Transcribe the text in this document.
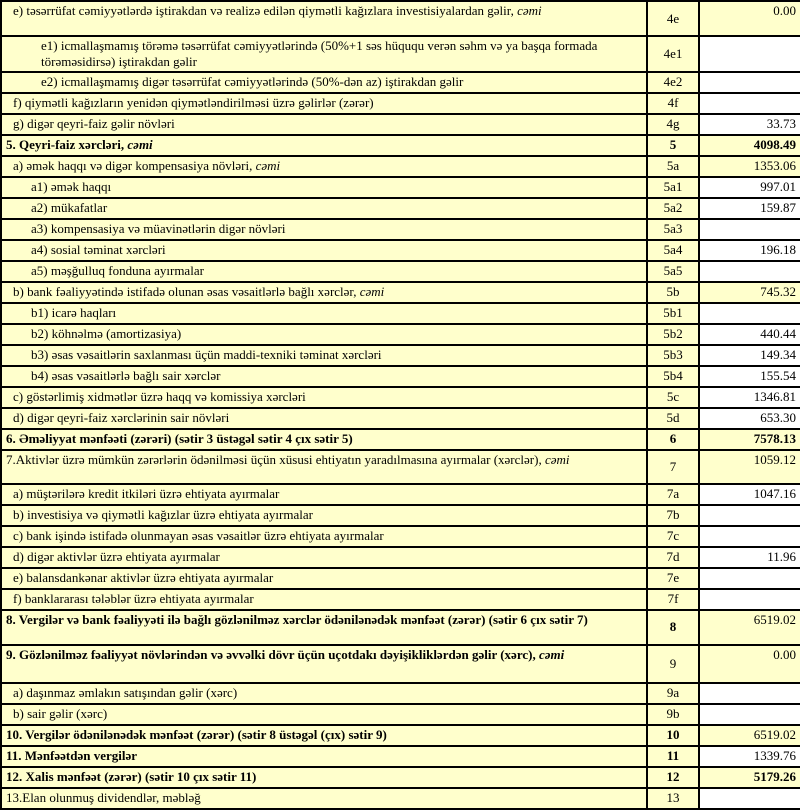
e) təsərrüfat cəmiyyətlərdə iştirakdan və realizə edilən qiymətli kağızlara investisiyalardan gəlir, cəmi	4e	0.00
e1) icmallaşmamış törəmə təsərrüfat cəmiyyətlərində (50%+1 səs hüququ verən səhm və ya başqa formada törəməsidirsə) iştirakdan gəlir	4e1	
e2) icmallaşmamış digər təsərrüfat cəmiyyətlərində (50%-dən az) iştirakdan gəlir	4e2	
f) qiymətli kağızların yenidən qiymətləndirilməsi üzrə gəlirlər (zərər)	4f	
g) digər qeyri-faiz gəlir növləri	4g	33.73
5. Qeyri-faiz xərcləri, cəmi	5	4098.49
a) əmək haqqı və digər kompensasiya növləri, cəmi	5a	1353.06
a1) əmək haqqı	5a1	997.01
a2) mükafatlar	5a2	159.87
a3) kompensasiya və müavinətlərin digər növləri	5a3	
a4) sosial təminat xərcləri	5a4	196.18
a5) məşğulluq fonduna ayırmalar	5a5	
b) bank fəaliyyətində istifadə olunan əsas vəsaitlərlə bağlı xərclər, cəmi	5b	745.32
b1) icarə haqları	5b1	
b2) köhnəlmə (amortizasiya)	5b2	440.44
b3) əsas vəsaitlərin saxlanması üçün maddi-texniki təminat xərcləri	5b3	149.34
b4) əsas vəsaitlərlə bağlı sair xərclər	5b4	155.54
c) göstərlimiş xidmətlər üzrə haqq və komissiya xərcləri	5c	1346.81
d) digər qeyri-faiz xərclərinin sair növləri	5d	653.30
6. Əməliyyat mənfəəti (zərəri) (sətir 3 üstəgəl sətir 4 çıx sətir 5)	6	7578.13
7.Aktivlər üzrə mümkün zərərlərin ödənilməsi üçün xüsusi ehtiyatın yaradılmasına ayırmalar (xərclər), cəmi	7	1059.12
a) müştərilərə kredit itkiləri üzrə ehtiyata ayırmalar	7a	1047.16
b) investisiya və qiymətli kağızlar üzrə ehtiyata ayırmalar	7b	
c) bank işində istifadə olunmayan əsas vəsaitlər üzrə ehtiyata ayırmalar	7c	
d) digər aktivlər üzrə ehtiyata ayırmalar	7d	11.96
e) balansdankənar aktivlər üzrə ehtiyata ayırmalar	7e	
f) banklararası tələblər üzrə ehtiyata ayırmalar	7f	
8. Vergilər və bank fəaliyyəti ilə bağlı gözlənilməz xərclər ödənilənədək mənfəət (zərər) (sətir 6 çıx sətir 7)	8	6519.02
9. Gözlənilməz fəaliyyət növlərindən və əvvəlki dövr üçün uçotdakı dəyişikliklərdən gəlir (xərc), cəmi	9	0.00
a) daşınmaz əmlakın satışından gəlir (xərc)	9a	
b) sair gəlir (xərc)	9b	
10. Vergilər ödənilənədək mənfəət (zərər) (sətir 8 üstəgəl (çıx) sətir 9)	10	6519.02
11. Mənfəətdən vergilər	11	1339.76
12. Xalis mənfəət (zərər) (sətir 10 çıx sətir 11)	12	5179.26
13.Elan olunmuş dividendlər, məbləğ	13	
